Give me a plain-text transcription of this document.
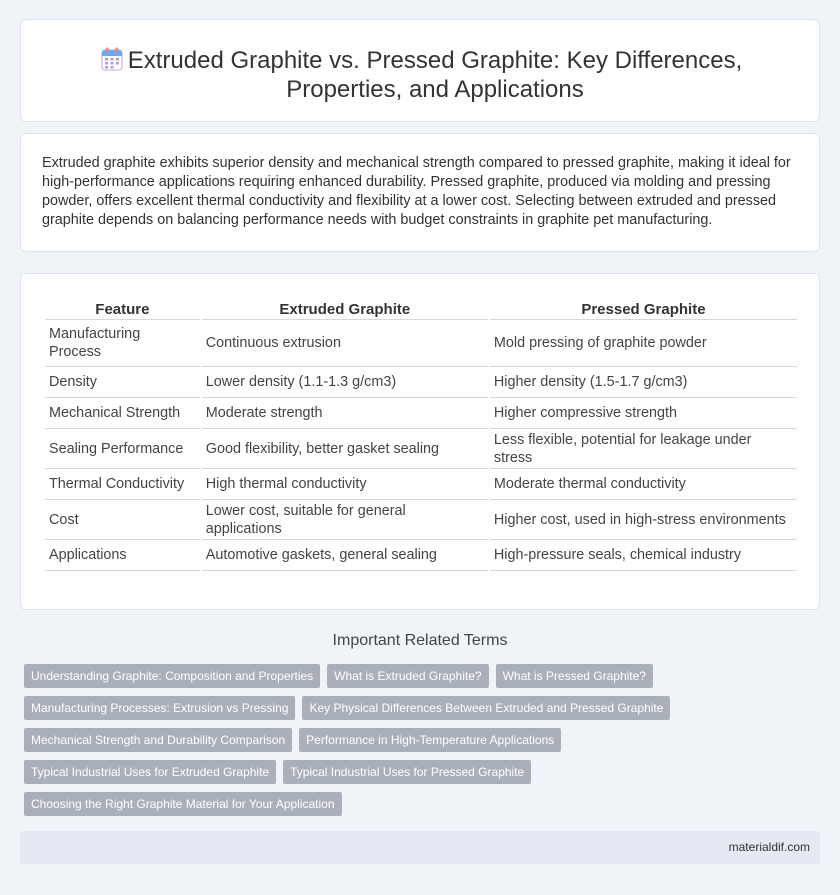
Extruded Graphite vs. Pressed Graphite: Key Differences, Properties, and Applications

Extruded graphite exhibits superior density and mechanical strength compared to pressed graphite, making it ideal for high-performance applications requiring enhanced durability. Pressed graphite, produced via molding and pressing powder, offers excellent thermal conductivity and flexibility at a lower cost. Selecting between extruded and pressed graphite depends on balancing performance needs with budget constraints in graphite pet manufacturing.

Feature	Extruded Graphite	Pressed Graphite
Manufacturing Process	Continuous extrusion	Mold pressing of graphite powder
Density	Lower density (1.1-1.3 g/cm3)	Higher density (1.5-1.7 g/cm3)
Mechanical Strength	Moderate strength	Higher compressive strength
Sealing Performance	Good flexibility, better gasket sealing	Less flexible, potential for leakage under stress
Thermal Conductivity	High thermal conductivity	Moderate thermal conductivity
Cost	Lower cost, suitable for general applications	Higher cost, used in high-stress environments
Applications	Automotive gaskets, general sealing	High-pressure seals, chemical industry
Important Related Terms
Understanding Graphite: Composition and Properties	What is Extruded Graphite?	What is Pressed Graphite?
Manufacturing Processes: Extrusion vs Pressing	Key Physical Differences Between Extruded and Pressed Graphite
Mechanical Strength and Durability Comparison	Performance in High-Temperature Applications
Typical Industrial Uses for Extruded Graphite	Typical Industrial Uses for Pressed Graphite
Choosing the Right Graphite Material for Your Application
materialdif.com
